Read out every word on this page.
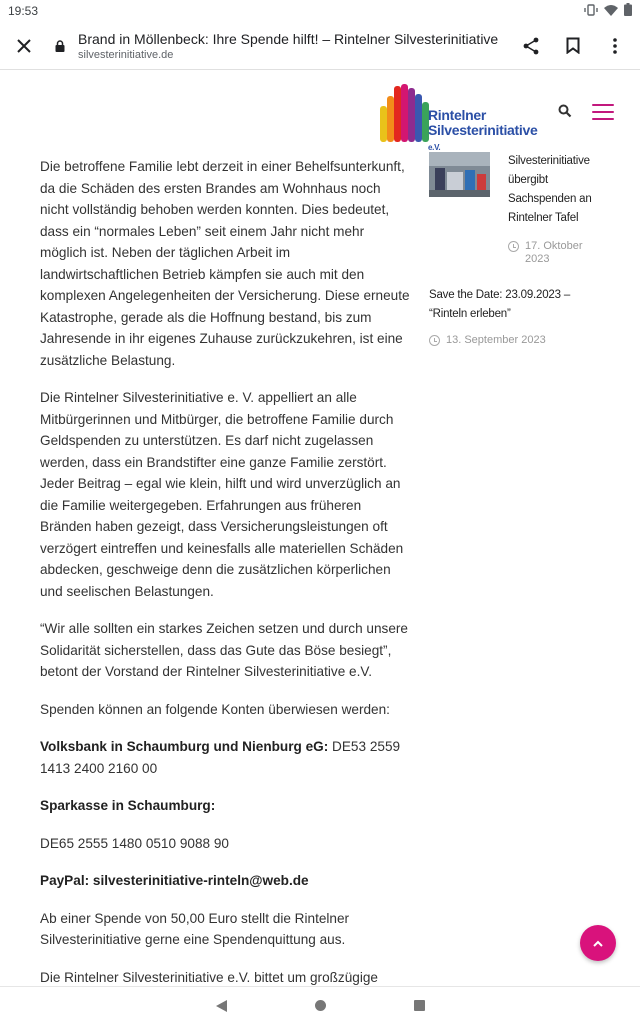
19:53
Brand in Möllenbeck: Ihre Spende hilft! – Rintelner Silvesterinitiative
silvesterinitiative.de
Rintelner
Silvesterinitiative e.V.

Die betroffene Familie lebt derzeit in einer Behelfsunterkunft, da die Schäden des ersten Brandes am Wohnhaus noch nicht vollständig behoben werden konnten. Dies bedeutet, dass ein “normales Leben” seit einem Jahr nicht mehr möglich ist. Neben der täglichen Arbeit im landwirtschaftlichen Betrieb kämpfen sie auch mit den komplexen Angelegenheiten der Versicherung. Diese erneute Katastrophe, gerade als die Hoffnung bestand, bis zum Jahresende in ihr eigenes Zuhause zurückzukehren, ist eine zusätzliche Belastung.

Die Rintelner Silvesterinitiative e. V. appelliert an alle Mitbürgerinnen und Mitbürger, die betroffene Familie durch Geldspenden zu unterstützen. Es darf nicht zugelassen werden, dass ein Brandstifter eine ganze Familie zerstört. Jeder Beitrag – egal wie klein, hilft und wird unverzüglich an die Familie weitergegeben. Erfahrungen aus früheren Bränden haben gezeigt, dass Versicherungsleistungen oft verzögert eintreffen und keinesfalls alle materiellen Schäden abdecken, geschweige denn die zusätzlichen körperlichen und seelischen Belastungen.

“Wir alle sollten ein starkes Zeichen setzen und durch unsere Solidarität sicherstellen, dass das Gute das Böse besiegt”, betont der Vorstand der Rintelner Silvesterinitiative e.V.

Spenden können an folgende Konten überwiesen werden:

Volksbank in Schaumburg und Nienburg eG: DE53 2559 1413 2400 2160 00

Sparkasse in Schaumburg:

DE65 2555 1480 0510 9088 90

PayPal: silvesterinitiative-rinteln@web.de

Ab einer Spende von 50,00 Euro stellt die Rintelner Silvesterinitiative gerne eine Spendenquittung aus.

Die Rintelner Silvesterinitiative e.V. bittet um großzügige

Silvesterinitiative übergibt Sachspenden an Rintelner Tafel
17. Oktober 2023
Save the Date: 23.09.2023 – “Rinteln erleben”
13. September 2023
